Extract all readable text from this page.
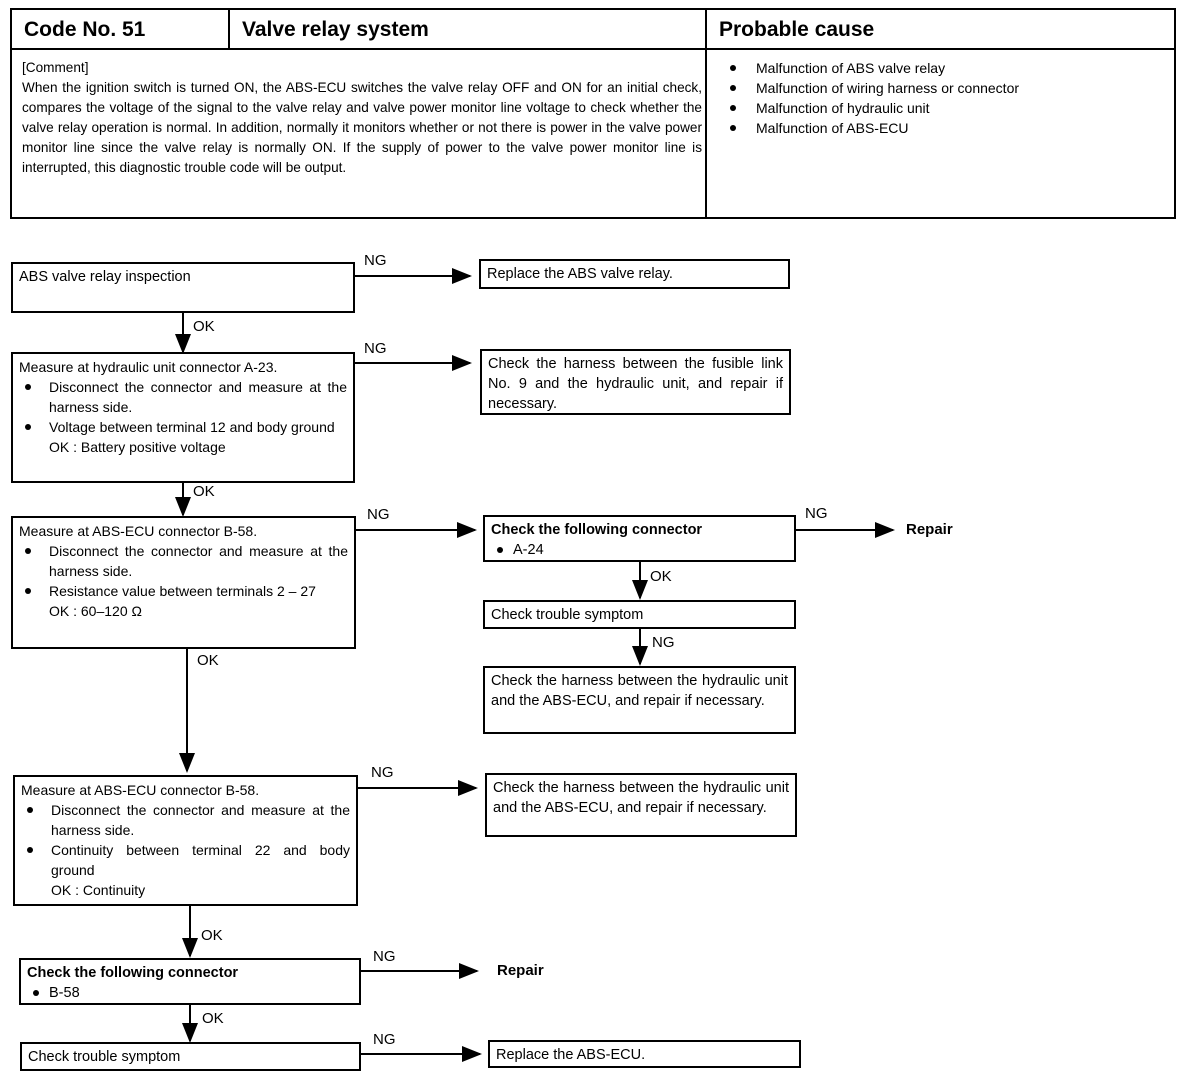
Code No. 51	Valve relay system	Probable cause
[Comment]
When the ignition switch is turned ON, the ABS-ECU switches the valve relay OFF and ON for an initial check, compares the voltage of the signal to the valve relay and valve power monitor line voltage to check whether the valve relay operation is normal. In addition, normally it monitors whether or not there is power in the valve power monitor line since the valve relay is normally ON. If the supply of power to the valve power monitor line is interrupted, this diagnostic trouble code will be output.
Malfunction of ABS valve relay
Malfunction of wiring harness or connector
Malfunction of hydraulic unit
Malfunction of ABS-ECU
ABS valve relay inspection	Replace the ABS valve relay.
Measure at hydraulic unit connector A-23.
Disconnect the connector and measure at the harness side.
Voltage between terminal 12 and body ground
OK : Battery positive voltage
Check the harness between the fusible link No. 9 and the hydraulic unit, and repair if necessary.
Measure at ABS-ECU connector B-58.
Disconnect the connector and measure at the harness side.
Resistance value between terminals 2 – 27
OK : 60–120 Ω
Check the following connector
A-24
Repair
Check trouble symptom
Check the harness between the hydraulic unit and the ABS-ECU, and repair if necessary.
Measure at ABS-ECU connector B-58.
Disconnect the connector and measure at the harness side.
Continuity between terminal 22 and body ground
OK : Continuity
Check the harness between the hydraulic unit and the ABS-ECU, and repair if necessary.
Check the following connector
B-58
Repair
Check trouble symptom	Replace the ABS-ECU.
NG
OK
NG
OK
NG	NG
OK
NG
OK
NG
OK
NG
OK
NG
